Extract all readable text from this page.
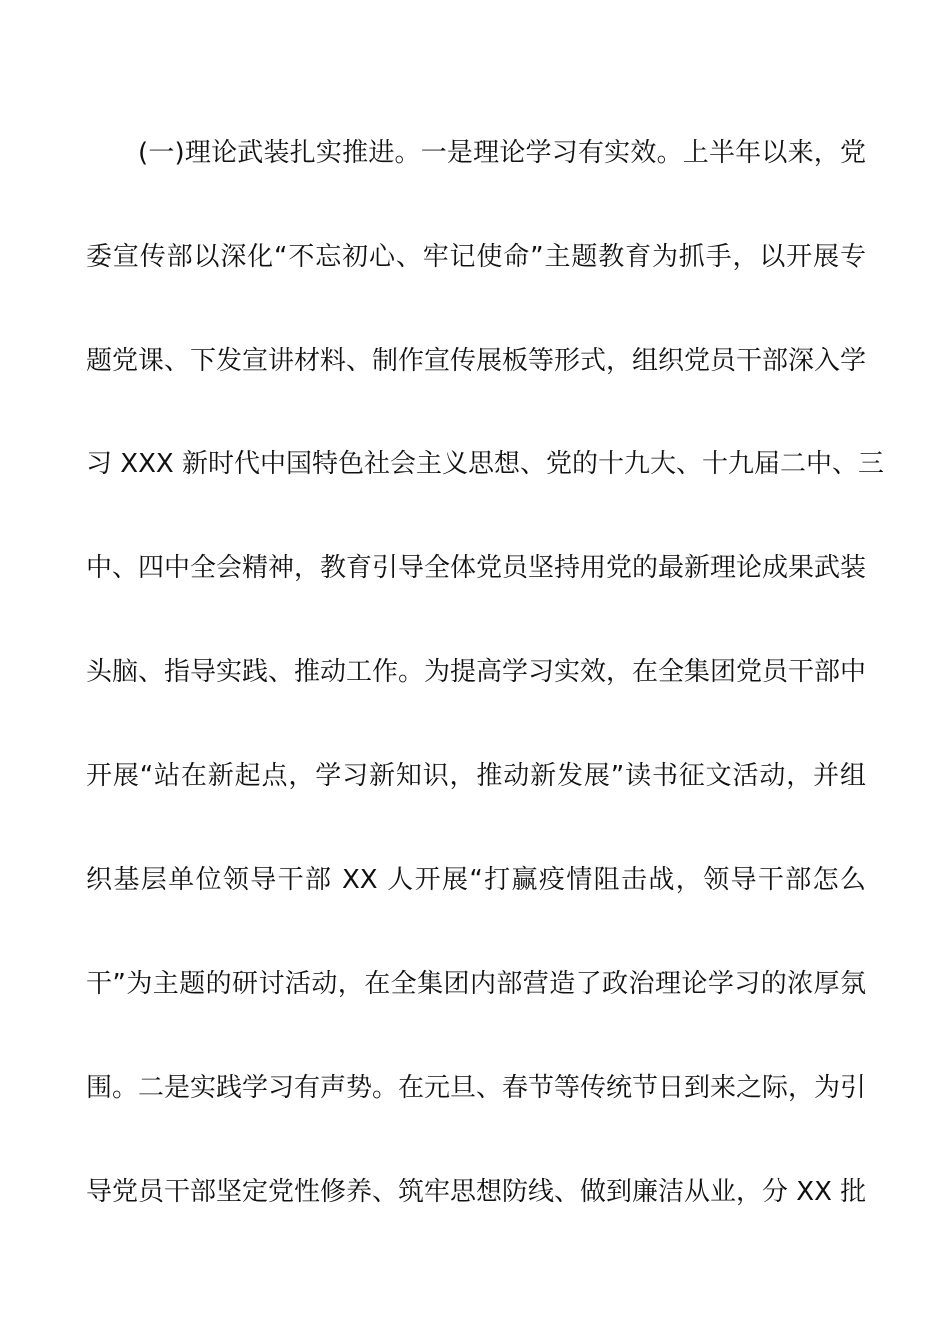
(一)理论武装扎实推进。一是理论学习有实效。上半年以来，党
委宣传部以深化“不忘初心、牢记使命”主题教育为抓手，以开展专
题党课、下发宣讲材料、制作宣传展板等形式，组织党员干部深入学
习 XXX 新时代中国特色社会主义思想、党的十九大、十九届二中、三
中、四中全会精神，教育引导全体党员坚持用党的最新理论成果武装
头脑、指导实践、推动工作。为提高学习实效，在全集团党员干部中
开展“站在新起点，学习新知识，推动新发展”读书征文活动，并组
织基层单位领导干部 XX 人开展“打赢疫情阻击战，领导干部怎么
干”为主题的研讨活动，在全集团内部营造了政治理论学习的浓厚氛
围。二是实践学习有声势。在元旦、春节等传统节日到来之际，为引
导党员干部坚定党性修养、筑牢思想防线、做到廉洁从业，分 XX 批
